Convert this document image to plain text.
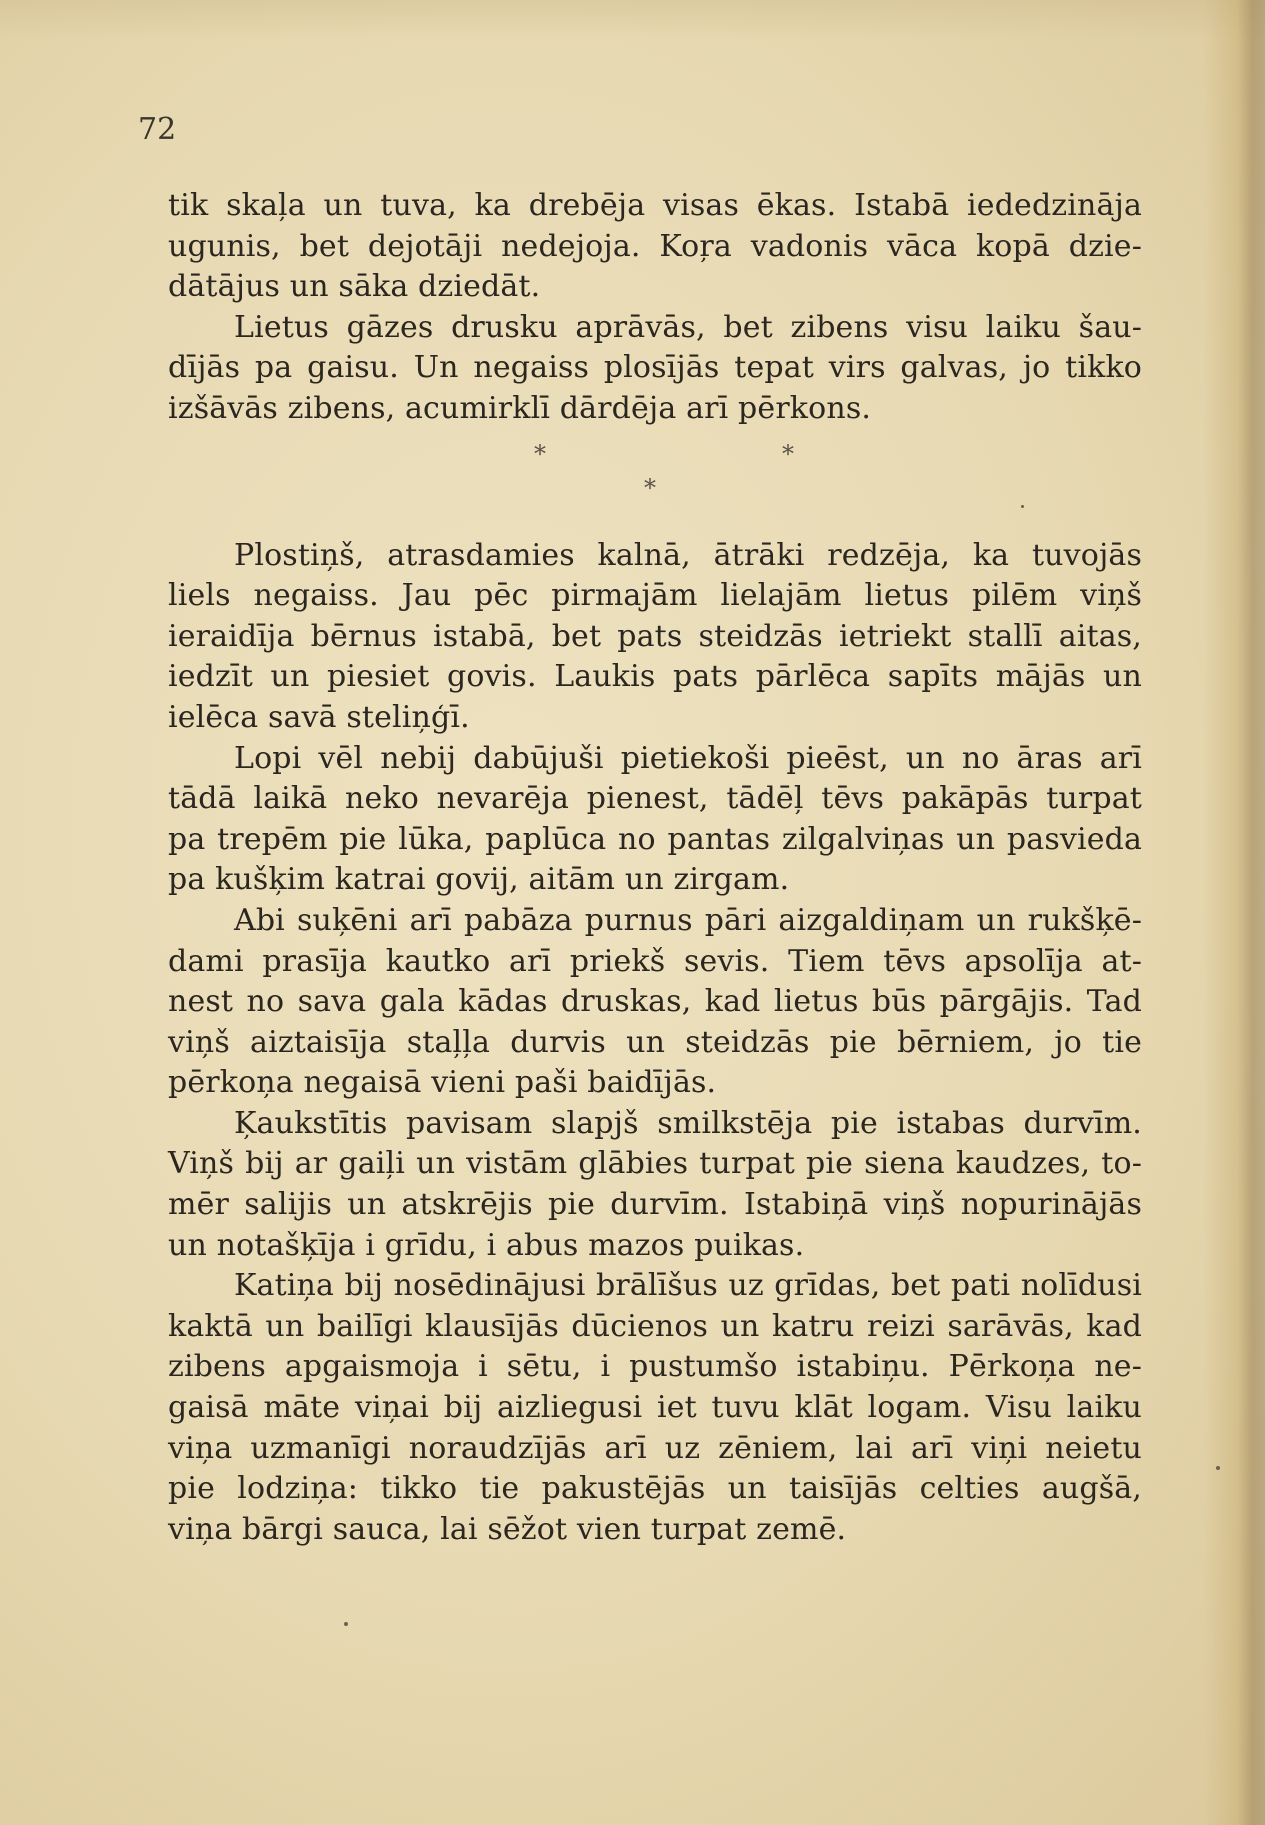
72
tik skaļa un tuva, ka drebēja visas ēkas. Istabā iededzināja
ugunis, bet dejotāji nedejoja. Koŗa vadonis vāca kopā dzie-
dātājus un sāka dziedāt.
Lietus gāzes drusku aprāvās, bet zibens visu laiku šau-
dījās pa gaisu. Un negaiss plosījās tepat virs galvas, jo tikko
izšāvās zibens, acumirklī dārdēja arī pērkons.
*	*
*
Plostiņš, atrasdamies kalnā, ātrāki redzēja, ka tuvojās
liels negaiss. Jau pēc pirmajām lielajām lietus pilēm viņš
ieraidīja bērnus istabā, bet pats steidzās ietriekt stallī aitas,
iedzīt un piesiet govis. Laukis pats pārlēca sapīts mājās un
ielēca savā steliņģī.
Lopi vēl nebij dabūjuši pietiekoši pieēst, un no āras arī
tādā laikā neko nevarēja pienest, tādēļ tēvs pakāpās turpat
pa trepēm pie lūka, paplūca no pantas zilgalviņas un pasvieda
pa kušķim katrai govij, aitām un zirgam.
Abi suķēni arī pabāza purnus pāri aizgaldiņam un rukšķē-
dami prasīja kautko arī priekš sevis. Tiem tēvs apsolīja at-
nest no sava gala kādas druskas, kad lietus būs pārgājis. Tad
viņš aiztaisīja staļļa durvis un steidzās pie bērniem, jo tie
pērkoņa negaisā vieni paši baidījās.
Ķaukstītis pavisam slapjš smilkstēja pie istabas durvīm.
Viņš bij ar gaiļi un vistām glābies turpat pie siena kaudzes, to-
mēr salijis un atskrējis pie durvīm. Istabiņā viņš nopurinājās
un notašķīja i grīdu, i abus mazos puikas.
Katiņa bij nosēdinājusi brālīšus uz grīdas, bet pati nolīdusi
kaktā un bailīgi klausījās dūcienos un katru reizi sarāvās, kad
zibens apgaismoja i sētu, i pustumšo istabiņu. Pērkoņa ne-
gaisā māte viņai bij aizliegusi iet tuvu klāt logam. Visu laiku
viņa uzmanīgi noraudzījās arī uz zēniem, lai arī viņi neietu
pie lodziņa: tikko tie pakustējās un taisījās celties augšā,
viņa bārgi sauca, lai sēžot vien turpat zemē.
